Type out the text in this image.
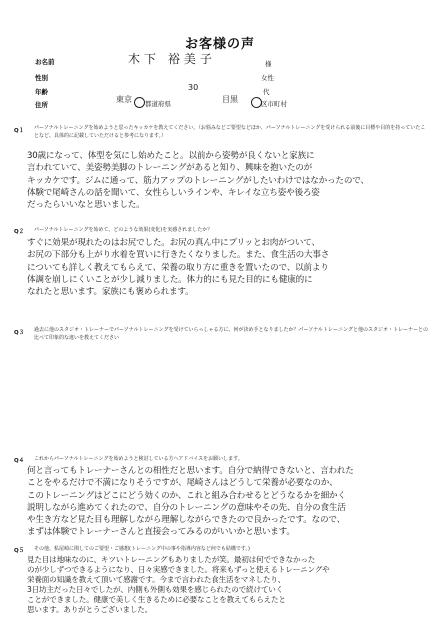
お客様の声
お名前	木下 裕美子	様
性別	女性
年齢	30	代
住所
東京 都道府県	目黒	区市町村
Q１ パーソナルトレーニングを始めようと思ったキッカケを教えてください。（お悩みなどご要望などほか、パーソナルトレーニングを受けられる前後に目標や目的を持っていたことなど、具体的に記載していただけると参考になります。）
30歳になって、体型を気にし始めたこと。以前から姿勢が良くないと家族に
言われていて、美姿勢美脚のトレーニングがあると知り、興味を抱いたのが
キッカケです。ジムに通って、筋力アップのトレーニングがしたいわけではなかったので、
体験で尾崎さんの話を聞いて、女性らしいラインや、キレイな立ち姿や後ろ姿
だったらいいなと思いました。
Q２ パーソナルトレーニングを始めて、どのような効果(変化)を実感されましたか？
すぐに効果が現れたのはお尻でした。お尻の真ん中にプリッとお肉がついて、
お尻の下部分も上がり水着を買いに行きたくなりました。また、食生活の大事さ
についても詳しく教えてもらえて、栄養の取り方に重きを置いたので、以前より
体調を崩しにくいことが少し減りました。体力的にも見た目的にも健康的に
なれたと思います。家族にも褒められます。
Q３ 過去に他のスタジオ・トレーナーでパーソナルトレーニングを受けていらっしゃる方に、何が決め手となりましたか？パーソナルトレーニングと他のスタジオ・トレーナーとの比べて印象的な違いを教えてください
Q４ これからパーソナルトレーニングを始めようと検討している方へアドバイスをお願いします。
何と言ってもトレーナーさんとの相性だと思います。自分で納得できないと、言われた
ことをやるだけで不満になりそうですが、尾崎さんはどうして栄養が必要なのか、
このトレーニングはどこにどう効くのか、これと組み合わせるとどうなるかを細かく
説明しながら進めてくれたので、自分のトレーニングの意味やその先、自分の食生活
や生き方など見た目も理解しながら理解しながらできたので良かったです。なので、
まずは体験でトレーナーさんと直接会ってみるのがいいかと思います。
Q５ その他、私尾崎に関してのご要望・ご感想(トレーニング中の事や指導内容など何でも結構です。)
見た目は地味なのに、キツいトレーニングもありましたが笑。最初は何でできなかった
のが少しずつできるようになり、日々実感できました。将来もずっと使えるトレーニングや
栄養面の知識を教えて頂いて感謝です。今まで言われた食生活をマネしたり、
3日坊主だった日々でしたが、内側も外側も効果を感じられたので続けていく
ことができました。健康で美しく生きるために必要なことを教えてもらえたと
思います。ありがとうございました。
